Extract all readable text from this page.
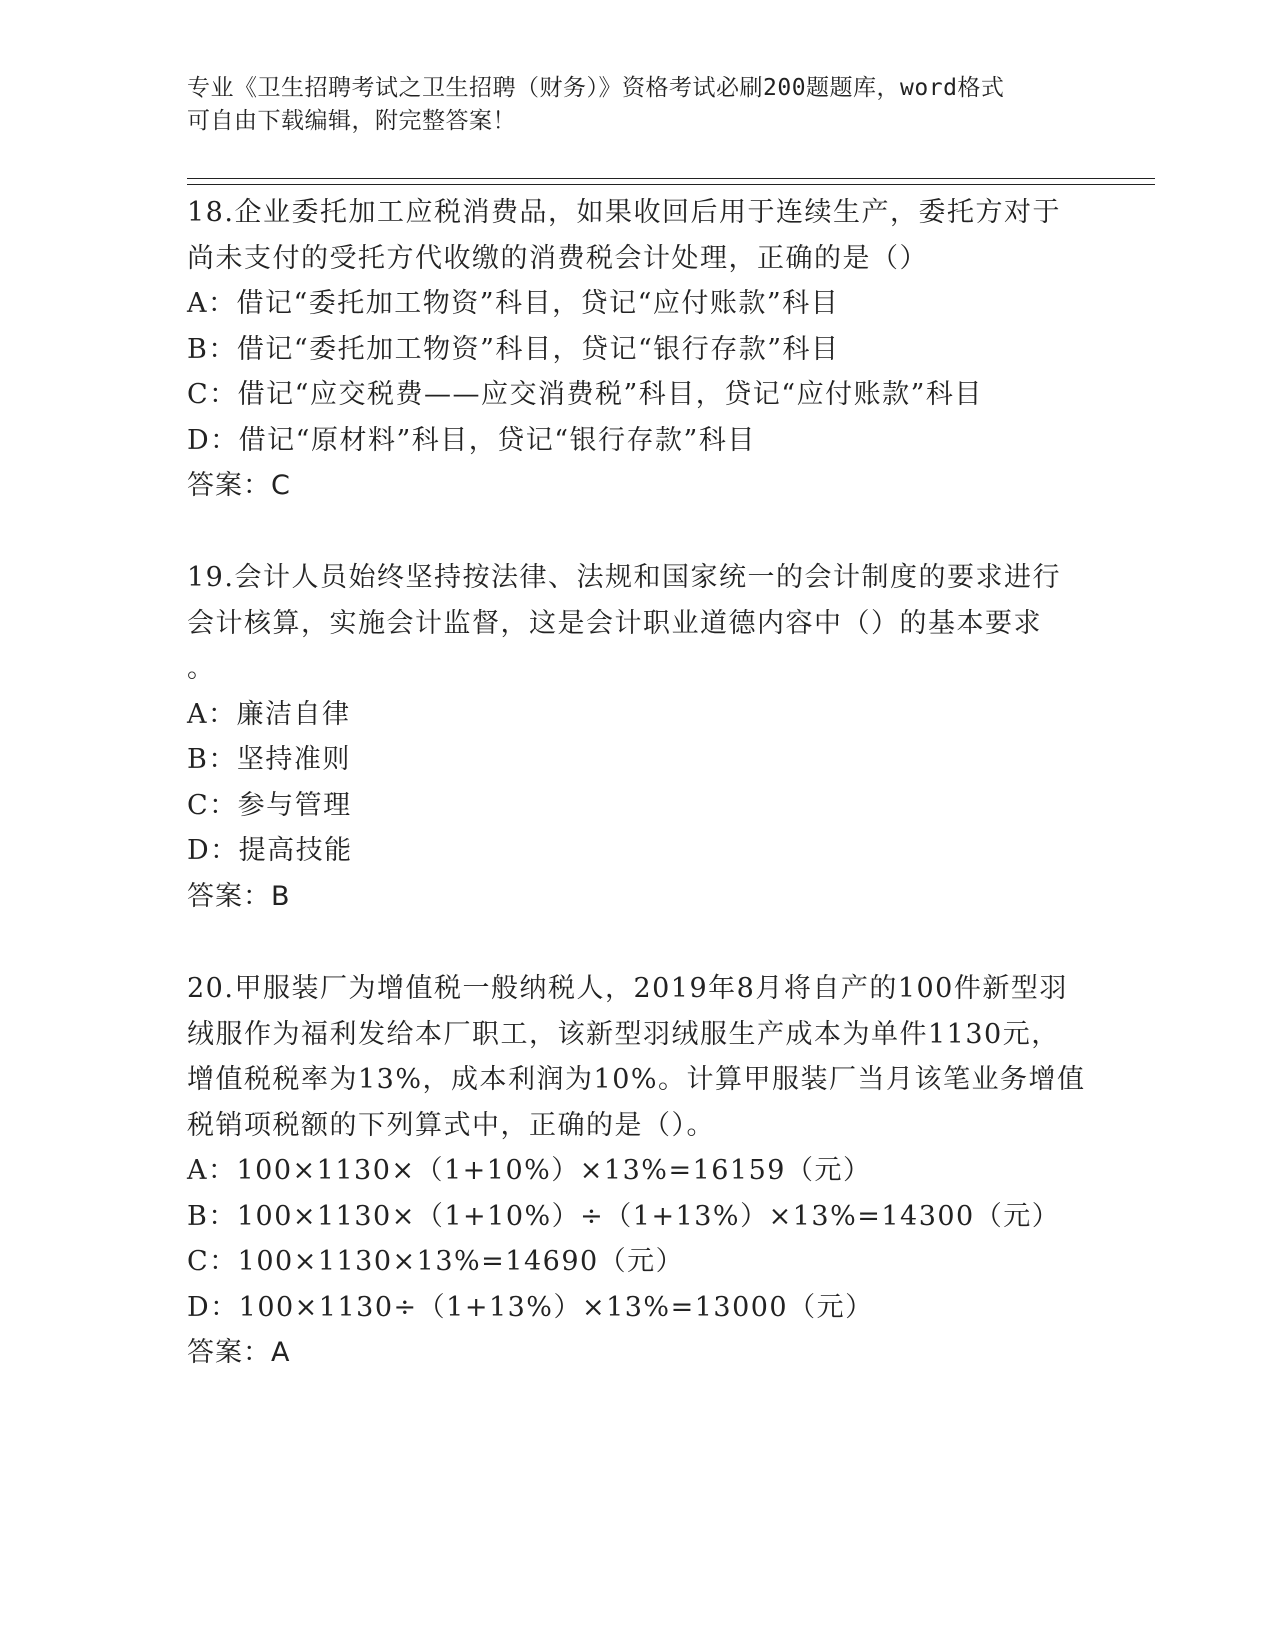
专业《卫生招聘考试之卫生招聘（财务）》资格考试必刷200题题库，word格式
可自由下载编辑，附完整答案！
18.企业委托加工应税消费品，如果收回后用于连续生产，委托方对于
尚未支付的受托方代收缴的消费税会计处理，正确的是（）
A：借记“委托加工物资”科目，贷记“应付账款”科目
B：借记“委托加工物资”科目，贷记“银行存款”科目
C：借记“应交税费——应交消费税”科目，贷记“应付账款”科目
D：借记“原材料”科目，贷记“银行存款”科目
答案：C
19.会计人员始终坚持按法律、法规和国家统一的会计制度的要求进行
会计核算，实施会计监督，这是会计职业道德内容中（）的基本要求
。
A：廉洁自律
B：坚持准则
C：参与管理
D：提高技能
答案：B
20.甲服装厂为增值税一般纳税人，2019年8月将自产的100件新型羽
绒服作为福利发给本厂职工，该新型羽绒服生产成本为单件1130元，
增值税税率为13%，成本利润为10%。计算甲服装厂当月该笔业务增值
税销项税额的下列算式中，正确的是（）。
A：100×1130×（1+10%）×13%=16159（元）
B：100×1130×（1+10%）÷（1+13%）×13%=14300（元）
C：100×1130×13%=14690（元）
D：100×1130÷（1+13%）×13%=13000（元）
答案：A
